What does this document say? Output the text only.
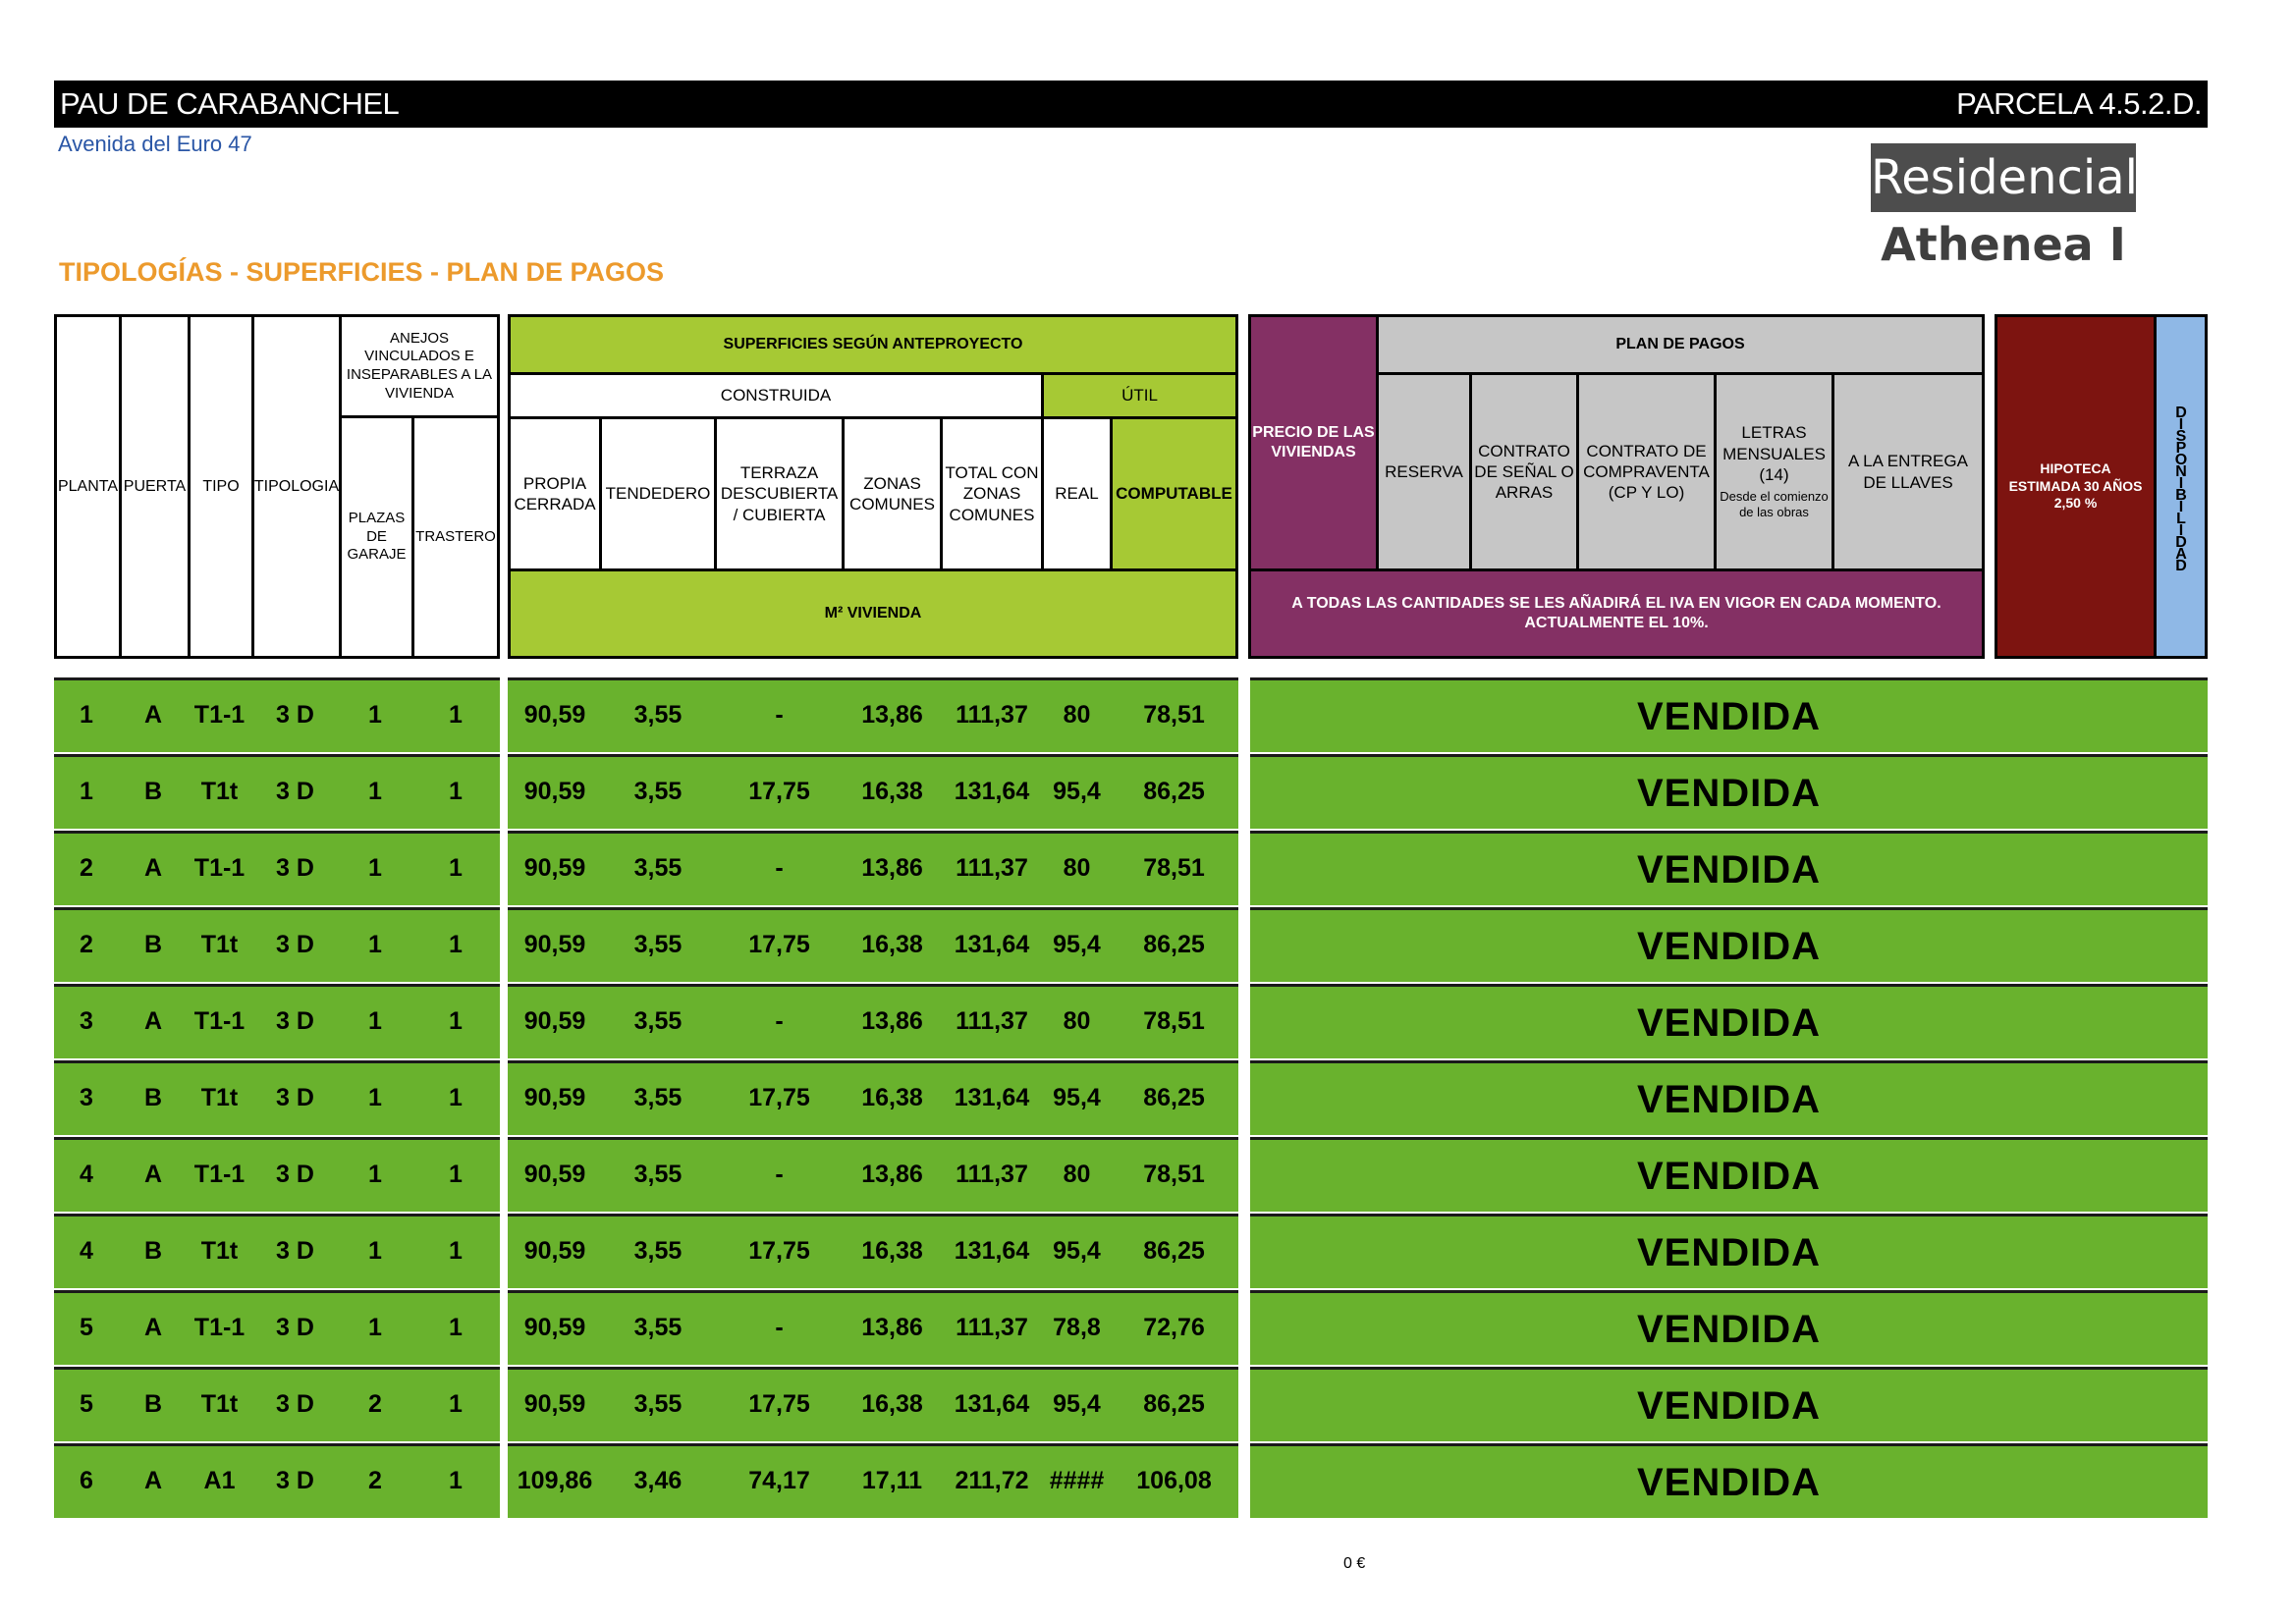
PAU DE CARABANCHEL	PARCELA 4.5.2.D.
Avenida del Euro 47
TIPOLOGÍAS - SUPERFICIES - PLAN DE PAGOS
Residencial
Athenea I
PLANTA PUERTA	TIPO TIPOLOGIA
ANEJOS VINCULADOS E INSEPARABLES A LA VIVIENDA
PLAZAS DE GARAJE
TRASTERO
SUPERFICIES SEGÚN ANTEPROYECTO
CONSTRUIDA	ÚTIL
PROPIA CERRADA
TENDEDERO
TERRAZA DESCUBIERTA / CUBIERTA
ZONAS COMUNES
TOTAL CON ZONAS COMUNES
REAL	COMPUTABLE
M² VIVIENDA
PRECIO DE LAS VIVIENDAS
PLAN DE PAGOS
RESERVA
CONTRATO DE SEÑAL O ARRAS
CONTRATO DE COMPRAVENTA (CP Y LO)
LETRAS MENSUALES (14)
Desde el comienzo de las obras
A LA ENTREGA DE LLAVES
A TODAS LAS CANTIDADES SE LES AÑADIRÁ EL IVA EN VIGOR EN CADA MOMENTO. ACTUALMENTE EL 10%.
HIPOTECA ESTIMADA 30 AÑOS 2,50 %	DISPONIBILIDAD
1	A	T1-1	3 D	1	1	90,59	3,55	-	13,86	111,37	80	78,51	VENDIDA
1	B	T1t	3 D	1	1	90,59	3,55	17,75	16,38	131,64 95,4	86,25	VENDIDA
2	A	T1-1	3 D	1	1	90,59	3,55	-	13,86	111,37	80	78,51	VENDIDA
2	B	T1t	3 D	1	1	90,59	3,55	17,75	16,38	131,64 95,4	86,25	VENDIDA
3	A	T1-1	3 D	1	1	90,59	3,55	-	13,86	111,37	80	78,51	VENDIDA
3	B	T1t	3 D	1	1	90,59	3,55	17,75	16,38	131,64 95,4	86,25	VENDIDA
4	A	T1-1	3 D	1	1	90,59	3,55	-	13,86	111,37	80	78,51	VENDIDA
4	B	T1t	3 D	1	1	90,59	3,55	17,75	16,38	131,64 95,4	86,25	VENDIDA
5	A	T1-1	3 D	1	1	90,59	3,55	-	13,86	111,37	78,8	72,76	VENDIDA
5	B	T1t	3 D	2	1	90,59	3,55	17,75	16,38	131,64 95,4	86,25	VENDIDA
6	A	A1	3 D	2	1	109,86	3,46	74,17	17,11	211,72 ####	106,08	VENDIDA
0 €
